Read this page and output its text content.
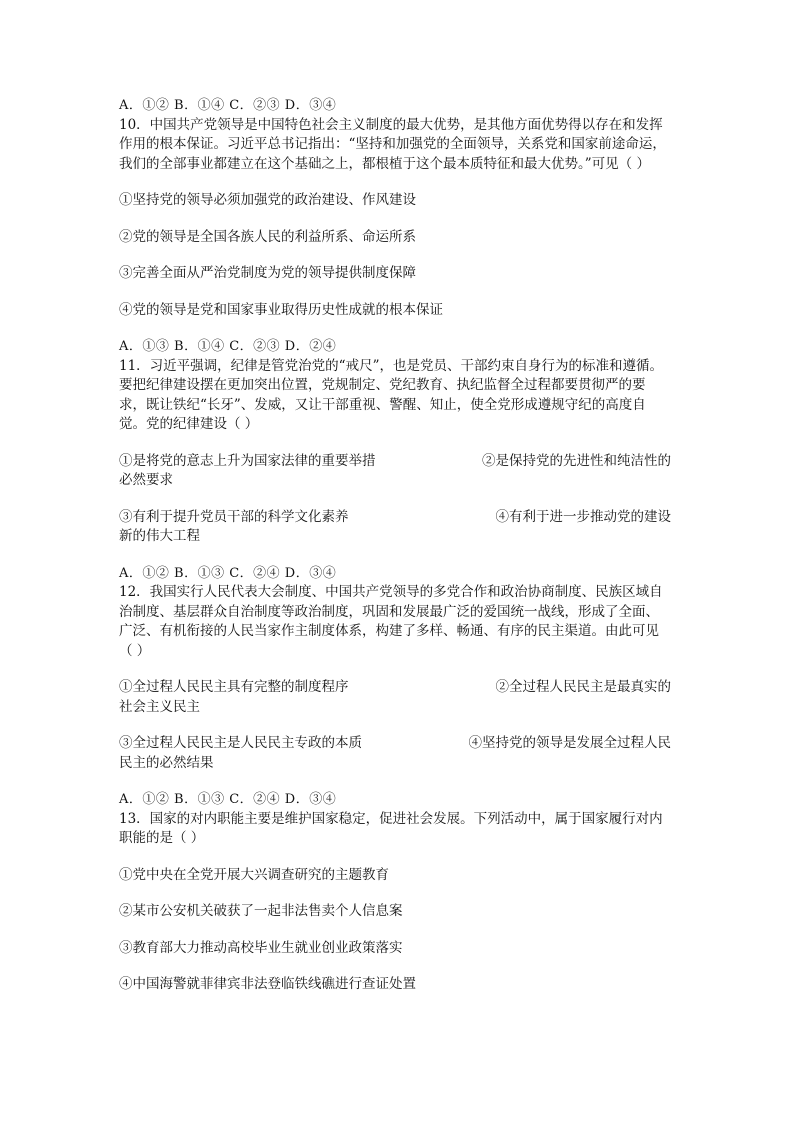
A．①② B．①④ C．②③ D．③④
10．中国共产党领导是中国特色社会主义制度的最大优势，是其他方面优势得以存在和发挥作用的根本保证。习近平总书记指出：“坚持和加强党的全面领导，关系党和国家前途命运，我们的全部事业都建立在这个基础之上，都根植于这个最本质特征和最大优势。”可见（ ）
①坚持党的领导必须加强党的政治建设、作风建设
②党的领导是全国各族人民的利益所系、命运所系
③完善全面从严治党制度为党的领导提供制度保障
④党的领导是党和国家事业取得历史性成就的根本保证
A．①③ B．①④ C．②③ D．②④
11．习近平强调，纪律是管党治党的“戒尺”，也是党员、干部约束自身行为的标准和遵循。要把纪律建设摆在更加突出位置，党规制定、党纪教育、执纪监督全过程都要贯彻严的要求，既让铁纪“长牙”、发威，又让干部重视、警醒、知止，使全党形成遵规守纪的高度自觉。党的纪律建设（ ）
①是将党的意志上升为国家法律的重要举措	②是保持党的先进性和纯洁性的
必然要求
③有利于提升党员干部的科学文化素养	④有利于进一步推动党的建设
新的伟大工程
A．①② B．①③ C．②④ D．③④
12．我国实行人民代表大会制度、中国共产党领导的多党合作和政治协商制度、民族区域自治制度、基层群众自治制度等政治制度，巩固和发展最广泛的爱国统一战线，形成了全面、广泛、有机衔接的人民当家作主制度体系，构建了多样、畅通、有序的民主渠道。由此可见（ ）
①全过程人民民主具有完整的制度程序	②全过程人民民主是最真实的
社会主义民主
③全过程人民民主是人民民主专政的本质	④坚持党的领导是发展全过程人民
民主的必然结果
A．①② B．①③ C．②④ D．③④
13．国家的对内职能主要是维护国家稳定，促进社会发展。下列活动中，属于国家履行对内职能的是（ ）
①党中央在全党开展大兴调查研究的主题教育
②某市公安机关破获了一起非法售卖个人信息案
③教育部大力推动高校毕业生就业创业政策落实
④中国海警就菲律宾非法登临铁线礁进行查证处置
